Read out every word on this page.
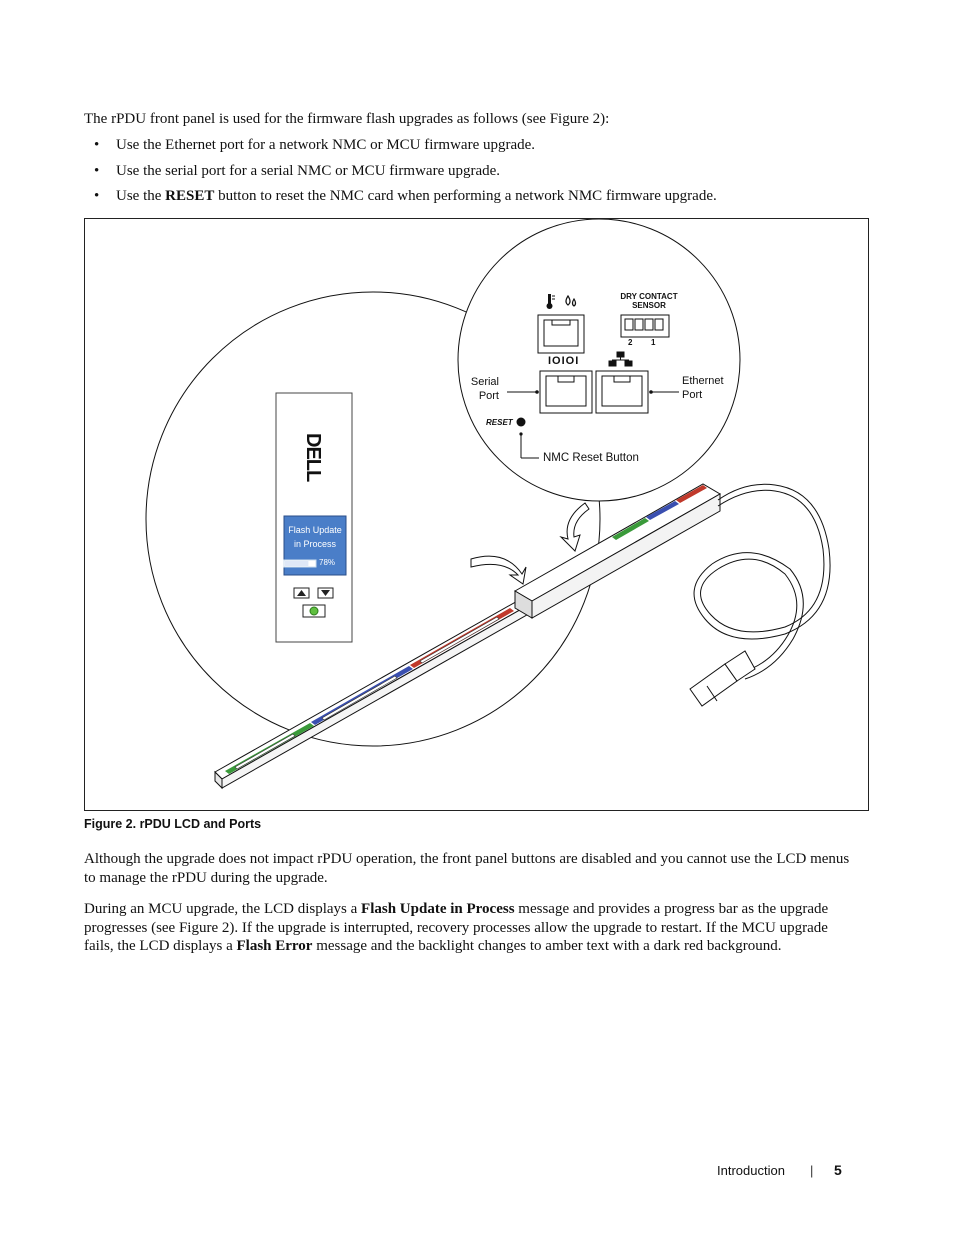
The rPDU front panel is used for the firmware flash upgrades as follows (see Figure 2):
• Use the Ethernet port for a network NMC or MCU firmware upgrade.
• Use the serial port for a serial NMC or MCU firmware upgrade.
• Use the RESET button to reset the NMC card when performing a network NMC firmware upgrade.
DRY CONTACT
SENSOR
2 1
IOIOI
Serial
Port
Ethernet
Port
RESET
NMC Reset Button
DELL
Flash Update
in Process
78%
Figure 2. rPDU LCD and Ports
Although the upgrade does not impact rPDU operation, the front panel buttons are disabled and you cannot use the LCD menus to manage the rPDU during the upgrade.
During an MCU upgrade, the LCD displays a Flash Update in Process message and provides a progress bar as the upgrade progresses (see Figure 2). If the upgrade is interrupted, recovery processes allow the upgrade to restart. If the MCU upgrade fails, the LCD displays a Flash Error message and the backlight changes to amber text with a dark red background.
Introduction | 5
